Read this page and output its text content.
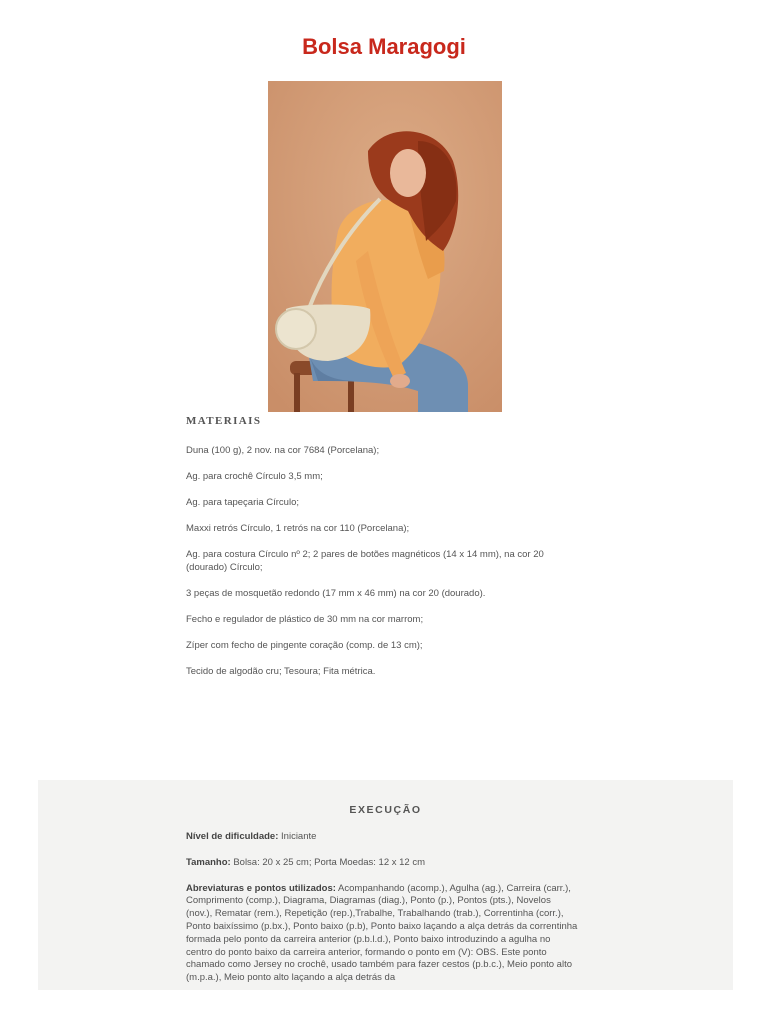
Bolsa Maragogi
MATERIAIS
Duna (100 g), 2 nov. na cor 7684 (Porcelana);
Ag. para crochê Círculo 3,5 mm;
Ag. para tapeçaria Círculo;
Maxxi retrós Círculo, 1 retrós na cor 110 (Porcelana);
Ag. para costura Círculo nº 2; 2 pares de botões magnéticos (14 x 14 mm), na cor 20 (dourado) Círculo;
3 peças de mosquetão redondo (17 mm x 46 mm) na cor 20 (dourado).
Fecho e regulador de plástico de 30 mm na cor marrom;
Zíper com fecho de pingente coração (comp. de 13 cm);
Tecido de algodão cru; Tesoura; Fita métrica.
EXECUÇÃO

Nível de dificuldade: Iniciante

Tamanho: Bolsa: 20 x 25 cm; Porta Moedas: 12 x 12 cm

Abreviaturas e pontos utilizados: Acompanhando (acomp.), Agulha (ag.), Carreira (carr.), Comprimento (comp.), Diagrama, Diagramas (diag.), Ponto (p.), Pontos (pts.), Novelos (nov.), Rematar (rem.), Repetição (rep.),Trabalhe, Trabalhando (trab.), Correntinha (corr.), Ponto baixíssimo (p.bx.), Ponto baixo (p.b), Ponto baixo laçando a alça detrás da correntinha formada pelo ponto da carreira anterior (p.b.l.d.), Ponto baixo introduzindo a agulha no centro do ponto baixo da carreira anterior, formando o ponto em (V): OBS. Este ponto chamado como Jersey no crochê, usado também para fazer cestos (p.b.c.), Meio ponto alto (m.p.a.), Meio ponto alto laçando a alça detrás da
